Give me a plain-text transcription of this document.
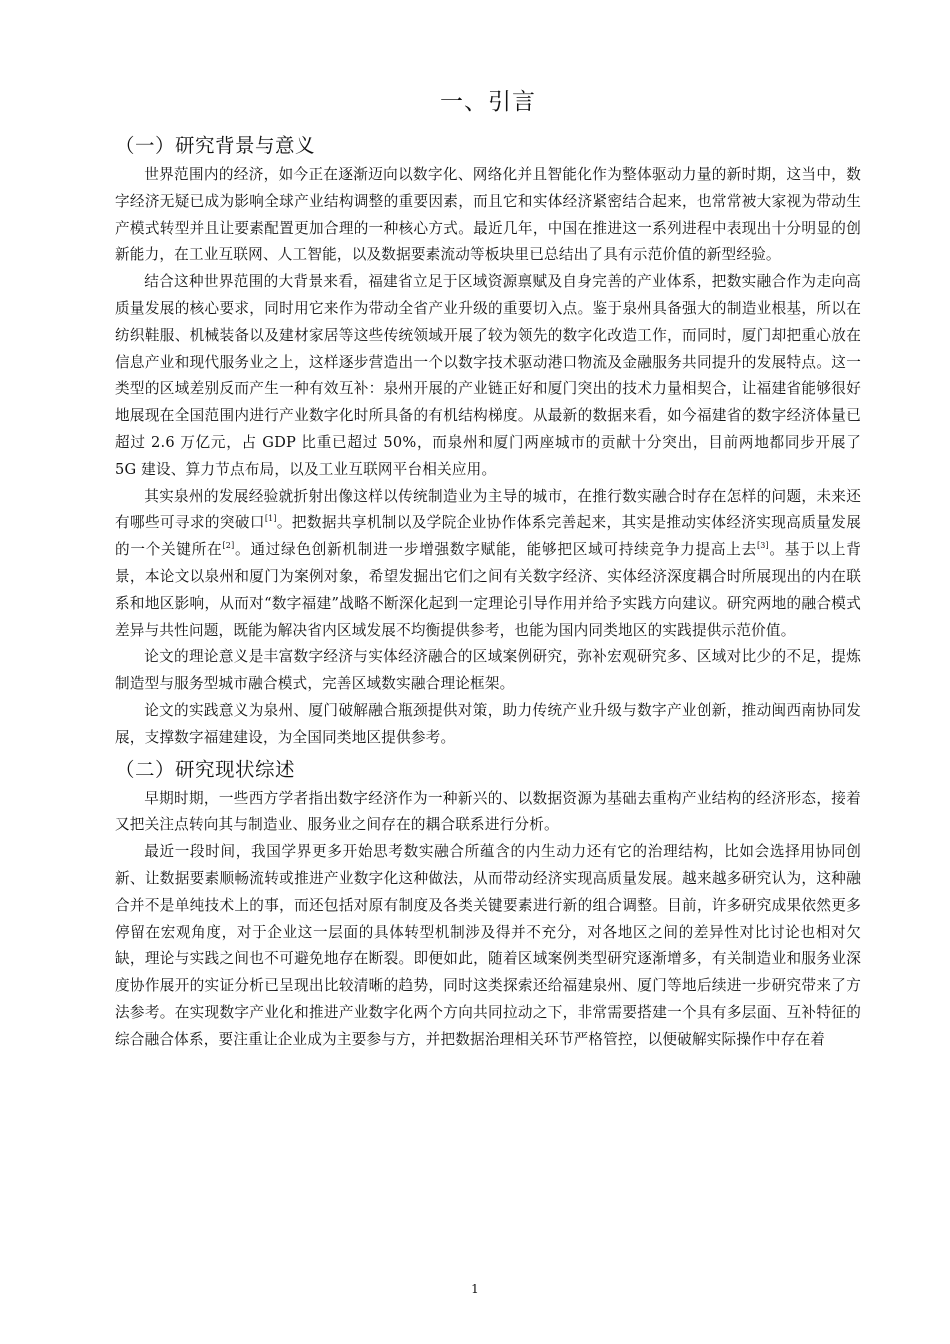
一、引言
（一）研究背景与意义

世界范围内的经济，如今正在逐渐迈向以数字化、网络化并且智能化作为整体驱动力量的新时期，这当中，数字经济无疑已成为影响全球产业结构调整的重要因素，而且它和实体经济紧密结合起来，也常常被大家视为带动生产模式转型并且让要素配置更加合理的一种核心方式。最近几年，中国在推进这一系列进程中表现出十分明显的创新能力，在工业互联网、人工智能，以及数据要素流动等板块里已总结出了具有示范价值的新型经验。

结合这种世界范围的大背景来看，福建省立足于区域资源禀赋及自身完善的产业体系，把数实融合作为走向高质量发展的核心要求，同时用它来作为带动全省产业升级的重要切入点。鉴于泉州具备强大的制造业根基，所以在纺织鞋服、机械装备以及建材家居等这些传统领域开展了较为领先的数字化改造工作，而同时，厦门却把重心放在信息产业和现代服务业之上，这样逐步营造出一个以数字技术驱动港口物流及金融服务共同提升的发展特点。这一类型的区域差别反而产生一种有效互补：泉州开展的产业链正好和厦门突出的技术力量相契合，让福建省能够很好地展现在全国范围内进行产业数字化时所具备的有机结构梯度。从最新的数据来看，如今福建省的数字经济体量已超过 2.6 万亿元，占 GDP 比重已超过 50%，而泉州和厦门两座城市的贡献十分突出，目前两地都同步开展了 5G 建设、算力节点布局，以及工业互联网平台相关应用。

其实泉州的发展经验就折射出像这样以传统制造业为主导的城市，在推行数实融合时存在怎样的问题，未来还有哪些可寻求的突破口[1]。把数据共享机制以及学院企业协作体系完善起来，其实是推动实体经济实现高质量发展的一个关键所在[2]。通过绿色创新机制进一步增强数字赋能，能够把区域可持续竞争力提高上去[3]。基于以上背景，本论文以泉州和厦门为案例对象，希望发掘出它们之间有关数字经济、实体经济深度耦合时所展现出的内在联系和地区影响，从而对“数字福建”战略不断深化起到一定理论引导作用并给予实践方向建议。研究两地的融合模式差异与共性问题，既能为解决省内区域发展不均衡提供参考，也能为国内同类地区的实践提供示范价值。

论文的理论意义是丰富数字经济与实体经济融合的区域案例研究，弥补宏观研究多、区域对比少的不足，提炼制造型与服务型城市融合模式，完善区域数实融合理论框架。

论文的实践意义为泉州、厦门破解融合瓶颈提供对策，助力传统产业升级与数字产业创新，推动闽西南协同发展，支撑数字福建建设，为全国同类地区提供参考。

（二）研究现状综述

早期时期，一些西方学者指出数字经济作为一种新兴的、以数据资源为基础去重构产业结构的经济形态，接着又把关注点转向其与制造业、服务业之间存在的耦合联系进行分析。

最近一段时间，我国学界更多开始思考数实融合所蕴含的内生动力还有它的治理结构，比如会选择用协同创新、让数据要素顺畅流转或推进产业数字化这种做法，从而带动经济实现高质量发展。越来越多研究认为，这种融合并不是单纯技术上的事，而还包括对原有制度及各类关键要素进行新的组合调整。目前，许多研究成果依然更多停留在宏观角度，对于企业这一层面的具体转型机制涉及得并不充分，对各地区之间的差异性对比讨论也相对欠缺，理论与实践之间也不可避免地存在断裂。即便如此，随着区域案例类型研究逐渐增多，有关制造业和服务业深度协作展开的实证分析已呈现出比较清晰的趋势，同时这类探索还给福建泉州、厦门等地后续进一步研究带来了方法参考。在实现数字产业化和推进产业数字化两个方向共同拉动之下，非常需要搭建一个具有多层面、互补特征的综合融合体系，要注重让企业成为主要参与方，并把数据治理相关环节严格管控，以便破解实际操作中存在着

1
